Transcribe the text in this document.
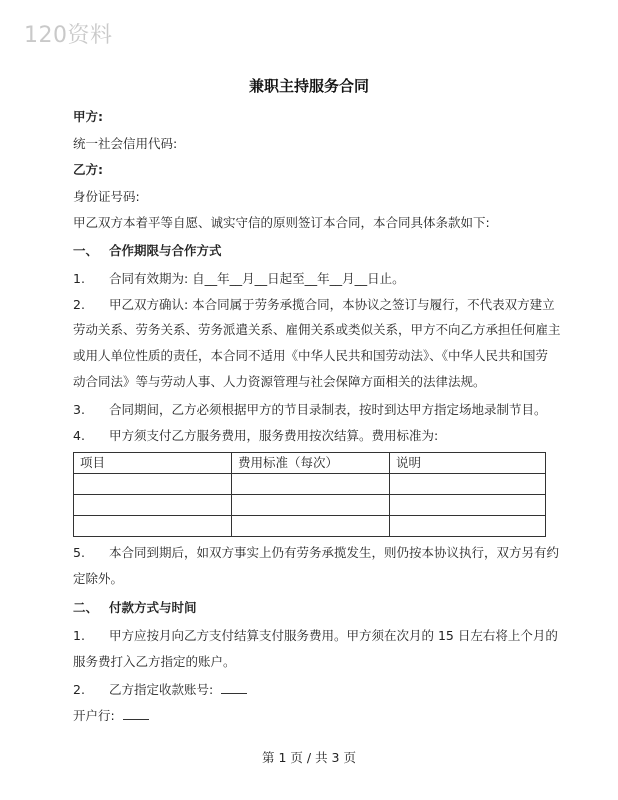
120资料
兼职主持服务合同
甲方:
统一社会信用代码:
乙方:
身份证号码:
甲乙双方本着平等自愿、诚实守信的原则签订本合同，本合同具体条款如下:
一、 合作期限与合作方式
1. 合同有效期为: 自__年__月__日起至__年__月__日止。
2. 甲乙双方确认: 本合同属于劳务承揽合同，本协议之签订与履行，不代表双方建立
劳动关系、劳务关系、劳务派遣关系、雇佣关系或类似关系，甲方不向乙方承担任何雇主
或用人单位性质的责任，本合同不适用《中华人民共和国劳动法》、《中华人民共和国劳
动合同法》等与劳动人事、人力资源管理与社会保障方面相关的法律法规。
3. 合同期间，乙方必须根据甲方的节目录制表，按时到达甲方指定场地录制节目。
4. 甲方须支付乙方服务费用，服务费用按次结算。费用标准为:
项目	费用标准（每次）	说明

5. 本合同到期后，如双方事实上仍有劳务承揽发生，则仍按本协议执行，双方另有约
定除外。
二、 付款方式与时间
1. 甲方应按月向乙方支付结算支付服务费用。甲方须在次月的 15 日左右将上个月的
服务费打入乙方指定的账户。
2. 乙方指定收款账号:
开户行:
第 1 页 / 共 3 页
